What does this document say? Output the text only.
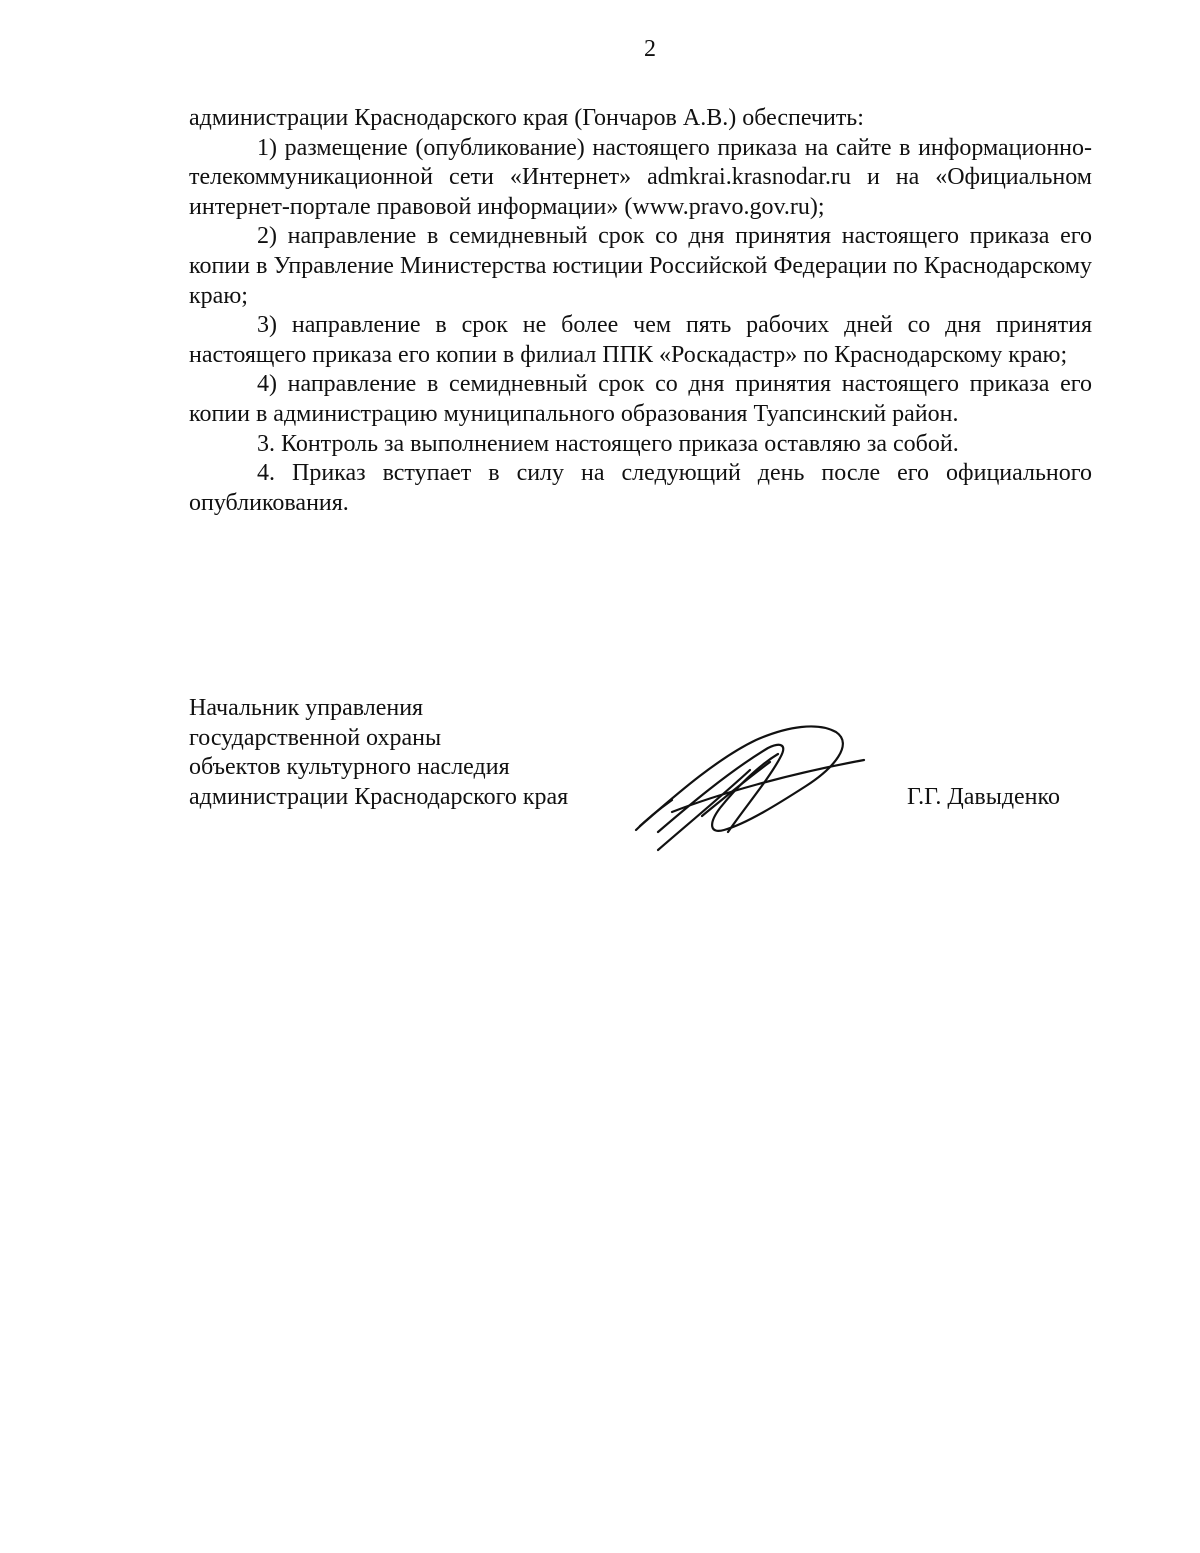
2

администрации Краснодарского края (Гончаров А.В.) обеспечить:

1) размещение (опубликование) настоящего приказа на сайте в информационно-телекоммуникационной сети «Интернет» admkrai.krasnodar.ru и на «Официальном интернет-портале правовой информации» (www.pravo.gov.ru);

2) направление в семидневный срок со дня принятия настоящего приказа его копии в Управление Министерства юстиции Российской Федерации по Краснодарскому краю;

3) направление в срок не более чем пять рабочих дней со дня принятия настоящего приказа его копии в филиал ППК «Роскадастр» по Краснодарскому краю;

4) направление в семидневный срок со дня принятия настоящего приказа его копии в администрацию муниципального образования Туапсинский район.

3. Контроль за выполнением настоящего приказа оставляю за собой.

4. Приказ вступает в силу на следующий день после его официального опубликования.

Начальник управления
государственной охраны
объектов культурного наследия
администрации Краснодарского края	Г.Г. Давыденко
